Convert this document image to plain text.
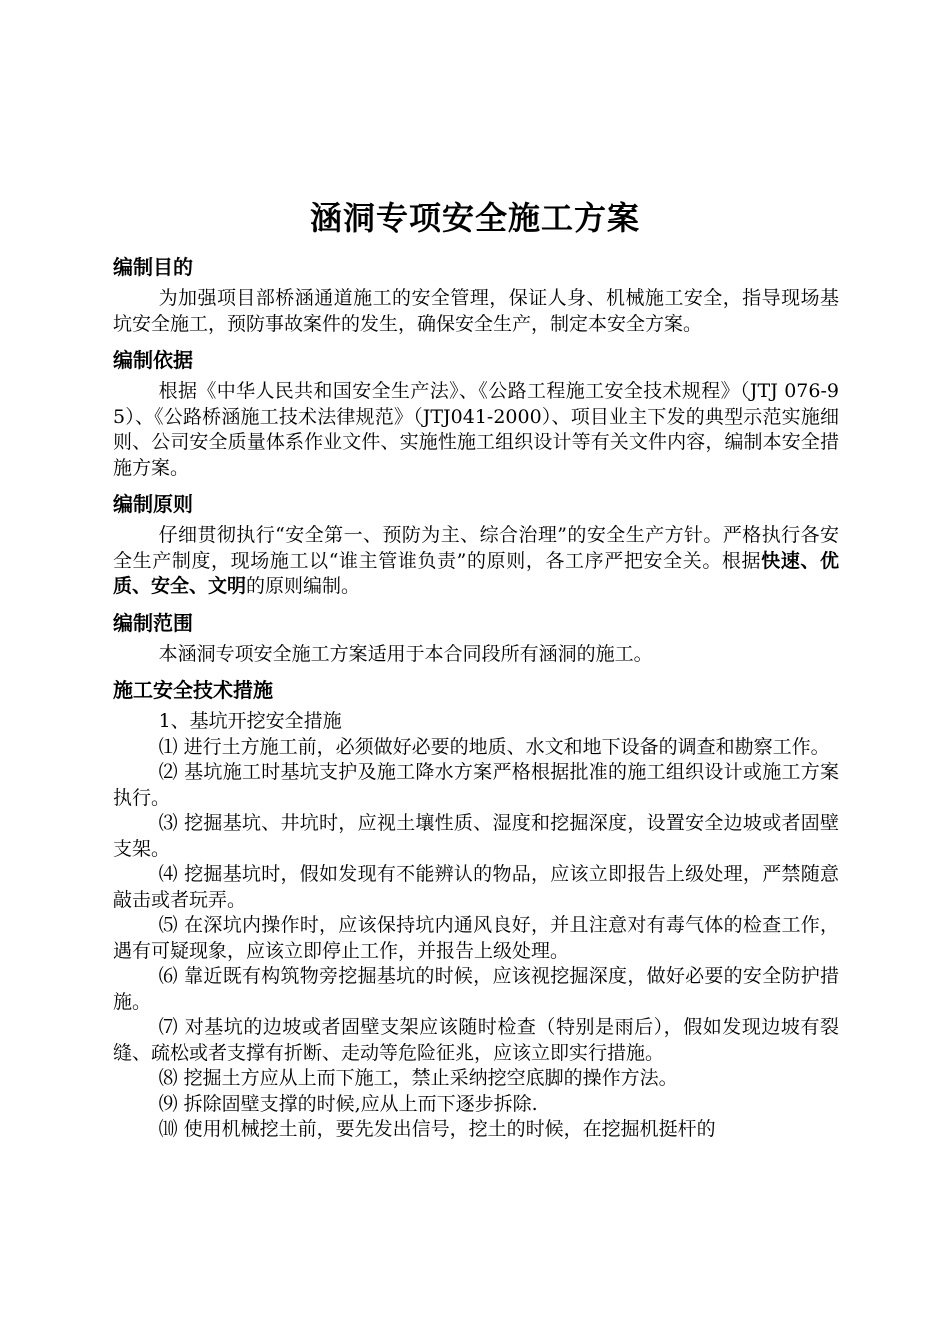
涵洞专项安全施工方案
编制目的

为加强项目部桥涵通道施工的安全管理，保证人身、机械施工安全，指导现场基坑安全施工，预防事故案件的发生，确保安全生产，制定本安全方案。

编制依据

根据《中华人民共和国安全生产法》、《公路工程施工安全技术规程》（JTJ 076-95）、《公路桥涵施工技术法律规范》（JTJ041-2000）、项目业主下发的典型示范实施细则、公司安全质量体系作业文件、实施性施工组织设计等有关文件内容，编制本安全措施方案。

编制原则

仔细贯彻执行“安全第一、预防为主、综合治理”的安全生产方针。严格执行各安全生产制度，现场施工以“谁主管谁负责”的原则，各工序严把安全关。根据快速、优质、安全、文明的原则编制。

编制范围

本涵洞专项安全施工方案适用于本合同段所有涵洞的施工。

施工安全技术措施

1、基坑开挖安全措施

⑴ 进行土方施工前，必须做好必要的地质、水文和地下设备的调查和勘察工作。

⑵ 基坑施工时基坑支护及施工降水方案严格根据批准的施工组织设计或施工方案执行。

⑶ 挖掘基坑、井坑时，应视土壤性质、湿度和挖掘深度，设置安全边坡或者固壁支架。

⑷ 挖掘基坑时，假如发现有不能辨认的物品，应该立即报告上级处理，严禁随意敲击或者玩弄。

⑸ 在深坑内操作时，应该保持坑内通风良好，并且注意对有毒气体的检查工作，遇有可疑现象，应该立即停止工作，并报告上级处理。

⑹ 靠近既有构筑物旁挖掘基坑的时候，应该视挖掘深度，做好必要的安全防护措施。

⑺ 对基坑的边坡或者固壁支架应该随时检查（特别是雨后），假如发现边坡有裂缝、疏松或者支撑有折断、走动等危险征兆，应该立即实行措施。

⑻ 挖掘土方应从上而下施工，禁止采纳挖空底脚的操作方法。

⑼ 拆除固壁支撑的时候,应从上而下逐步拆除.

⑽ 使用机械挖土前，要先发出信号，挖土的时候，在挖掘机挺杆的
